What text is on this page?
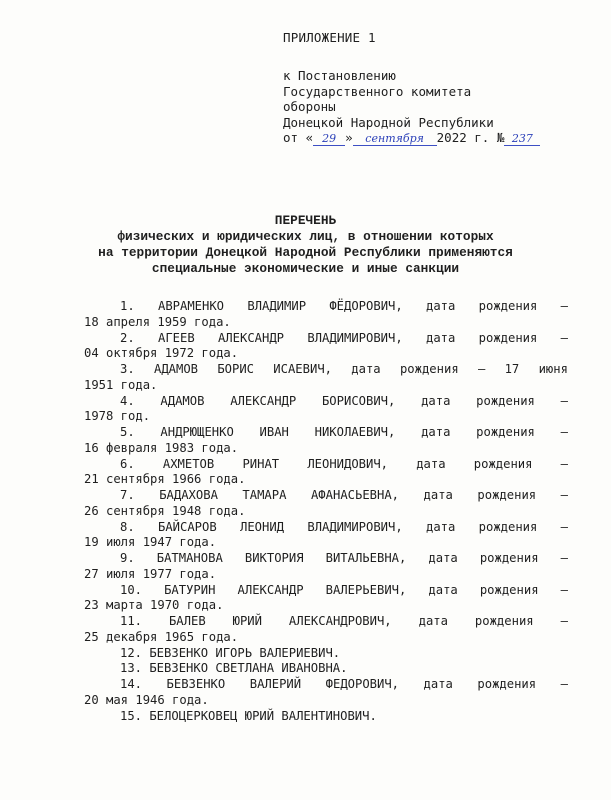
ПРИЛОЖЕНИЕ 1
к Постановлению
Государственного комитета
обороны
Донецкой Народной Республики
от « 29 » сентября 2022 г. № 237
ПЕРЕЧЕНЬ
физических и юридических лиц, в отношении которых
на территории Донецкой Народной Республики применяются
специальные экономические и иные санкции
1. АВРАМЕНКО ВЛАДИМИР ФЁДОРОВИЧ, дата рождения –
18 апреля 1959 года.
2. АГЕЕВ АЛЕКСАНДР ВЛАДИМИРОВИЧ, дата рождения –
04 октября 1972 года.
3. АДАМОВ БОРИС ИСАЕВИЧ, дата рождения – 17 июня
1951 года.
4. АДАМОВ АЛЕКСАНДР БОРИСОВИЧ, дата рождения –
1978 год.
5. АНДРЮЩЕНКО ИВАН НИКОЛАЕВИЧ, дата рождения –
16 февраля 1983 года.
6. АХМЕТОВ РИНАТ ЛЕОНИДОВИЧ, дата рождения –
21 сентября 1966 года.
7. БАДАХОВА ТАМАРА АФАНАСЬЕВНА, дата рождения –
26 сентября 1948 года.
8. БАЙСАРОВ ЛЕОНИД ВЛАДИМИРОВИЧ, дата рождения –
19 июля 1947 года.
9. БАТМАНОВА ВИКТОРИЯ ВИТАЛЬЕВНА, дата рождения –
27 июля 1977 года.
10. БАТУРИН АЛЕКСАНДР ВАЛЕРЬЕВИЧ, дата рождения –
23 марта 1970 года.
11. БАЛЕВ ЮРИЙ АЛЕКСАНДРОВИЧ, дата рождения –
25 декабря 1965 года.
12. БЕВЗЕНКО ИГОРЬ ВАЛЕРИЕВИЧ.
13. БЕВЗЕНКО СВЕТЛАНА ИВАНОВНА.
14. БЕВЗЕНКО ВАЛЕРИЙ ФЕДОРОВИЧ, дата рождения –
20 мая 1946 года.
15. БЕЛОЦЕРКОВЕЦ ЮРИЙ ВАЛЕНТИНОВИЧ.
